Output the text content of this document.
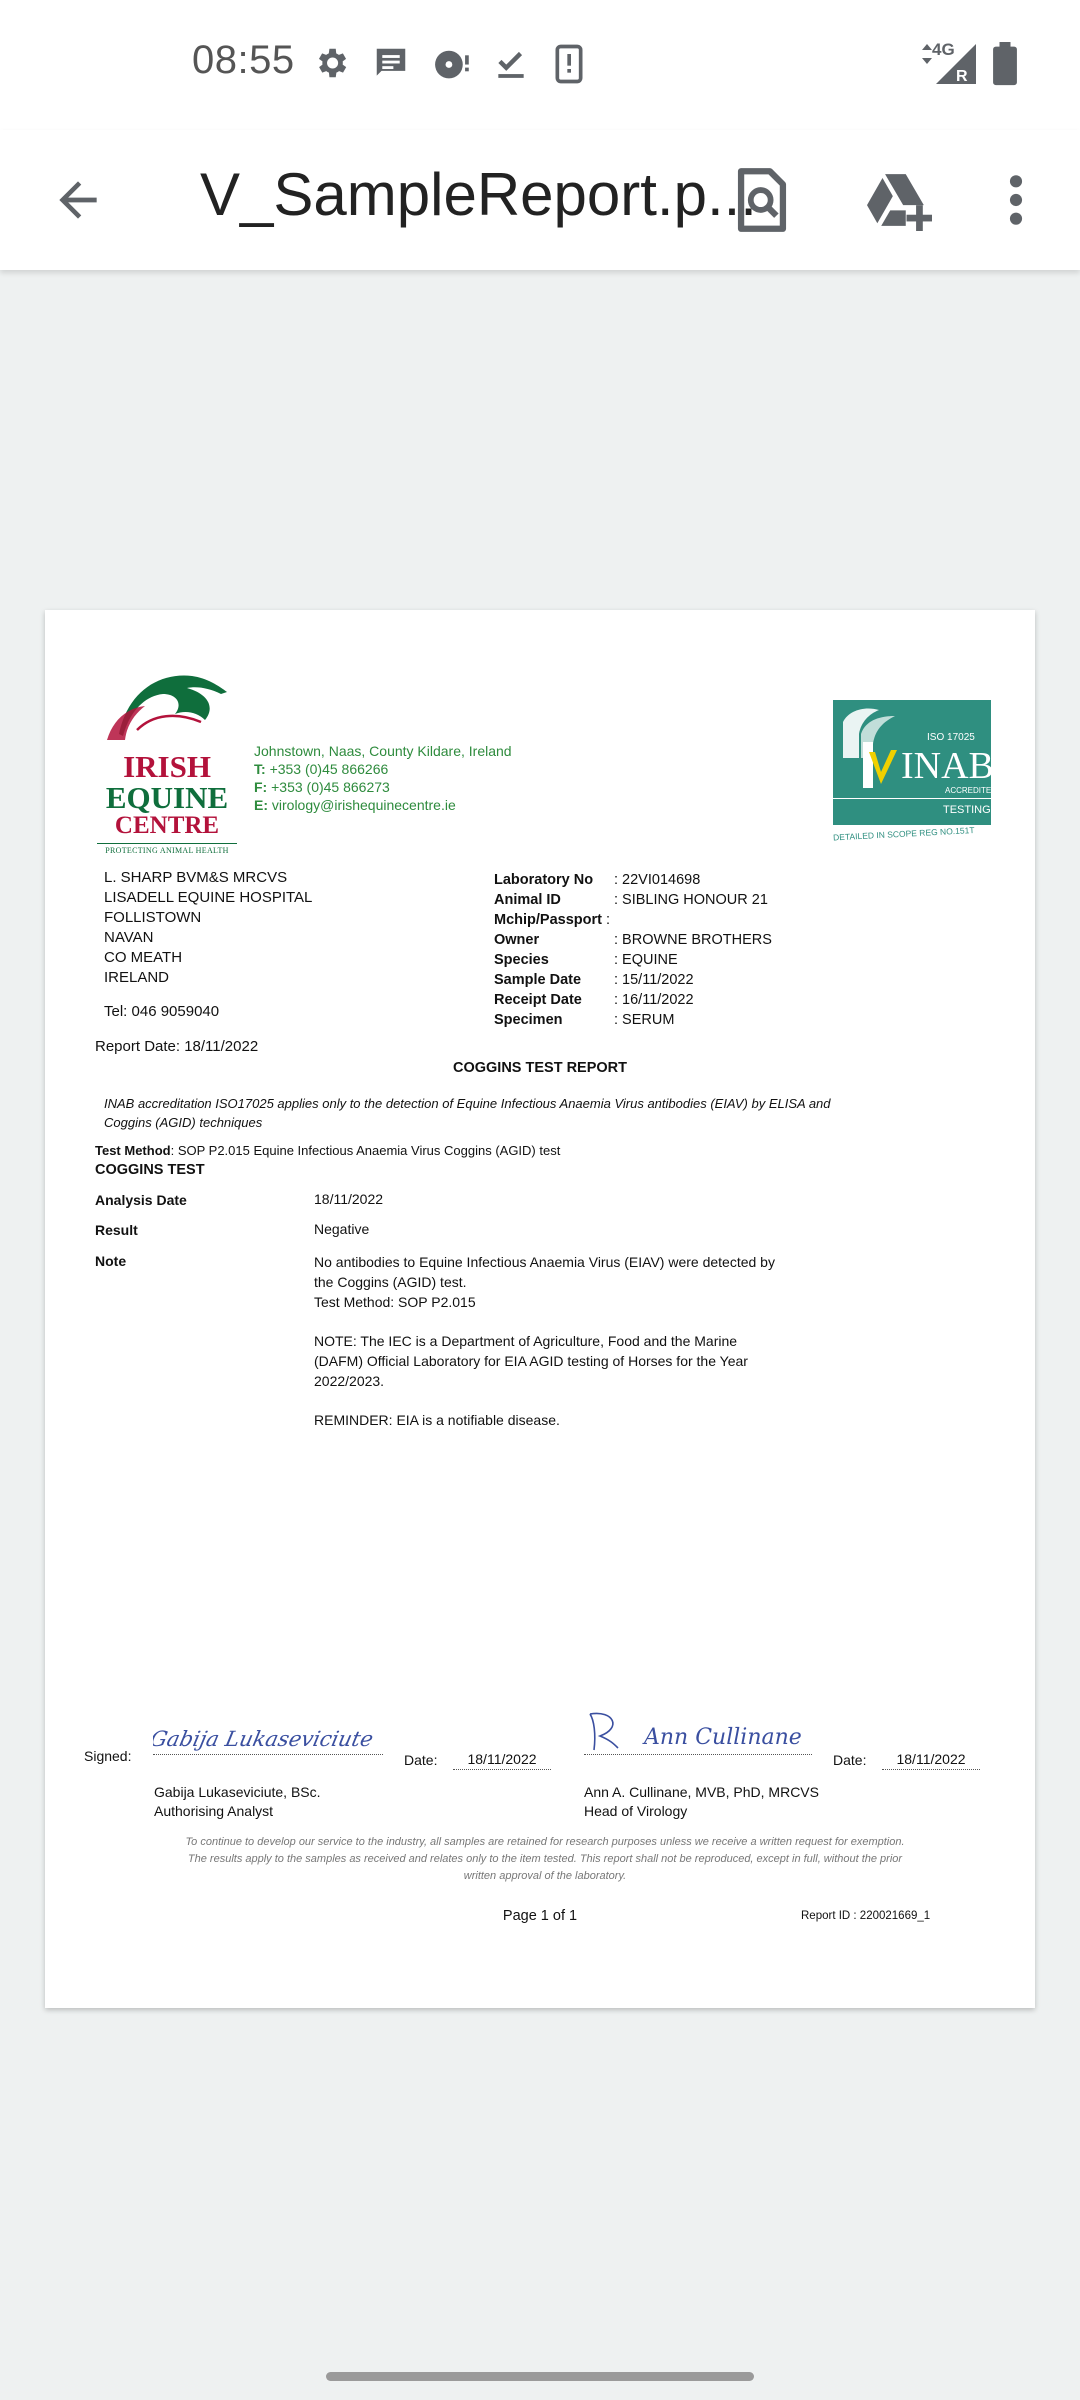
08:55	4G
R
V_SampleReport.p...
IRISH
EQUINE
CENTRE
PROTECTING ANIMAL HEALTH
Johnstown, Naas, County Kildare, Ireland
T: +353 (0)45 866266
F: +353 (0)45 866273
E: virology@irishequinecentre.ie
ISO 17025
INAB
ACCREDITED
TESTING
DETAILED IN SCOPE REG NO.151T
L. SHARP BVM&S MRCVS
LISADELL EQUINE HOSPITAL
FOLLISTOWN
NAVAN
CO MEATH
IRELAND
Tel: 046 9059040
Laboratory No : 22VI014698
Animal ID	: SIBLING HONOUR 21
Mchip/Passport :
Owner	: BROWNE BROTHERS
Species	: EQUINE
Sample Date : 15/11/2022
Receipt Date : 16/11/2022
Specimen	: SERUM
Report Date: 18/11/2022
COGGINS TEST REPORT
INAB accreditation ISO17025 applies only to the detection of Equine Infectious Anaemia Virus antibodies (EIAV) by ELISA and
Coggins (AGID) techniques
Test Method: SOP P2.015 Equine Infectious Anaemia Virus Coggins (AGID) test
COGGINS TEST
Analysis Date	18/11/2022
Result	Negative
Note	No antibodies to Equine Infectious Anaemia Virus (EIAV) were detected by
the Coggins (AGID) test.
Test Method: SOP P2.015
NOTE: The IEC is a Department of Agriculture, Food and the Marine
(DAFM) Official Laboratory for EIA AGID testing of Horses for the Year
2022/2023.
REMINDER: EIA is a notifiable disease.
Signed:
Gabija Lukaseviciute
Date:	18/11/2022
Gabija Lukaseviciute, BSc.
Authorising Analyst
Ann Cullinane
Date:	18/11/2022
Ann A. Cullinane, MVB, PhD, MRCVS
Head of Virology
To continue to develop our service to the industry, all samples are retained for research purposes unless we receive a written request for exemption.
The results apply to the samples as received and relates only to the item tested. This report shall not be reproduced, except in full, without the prior
written approval of the laboratory.
Page 1 of 1	Report ID : 220021669_1
